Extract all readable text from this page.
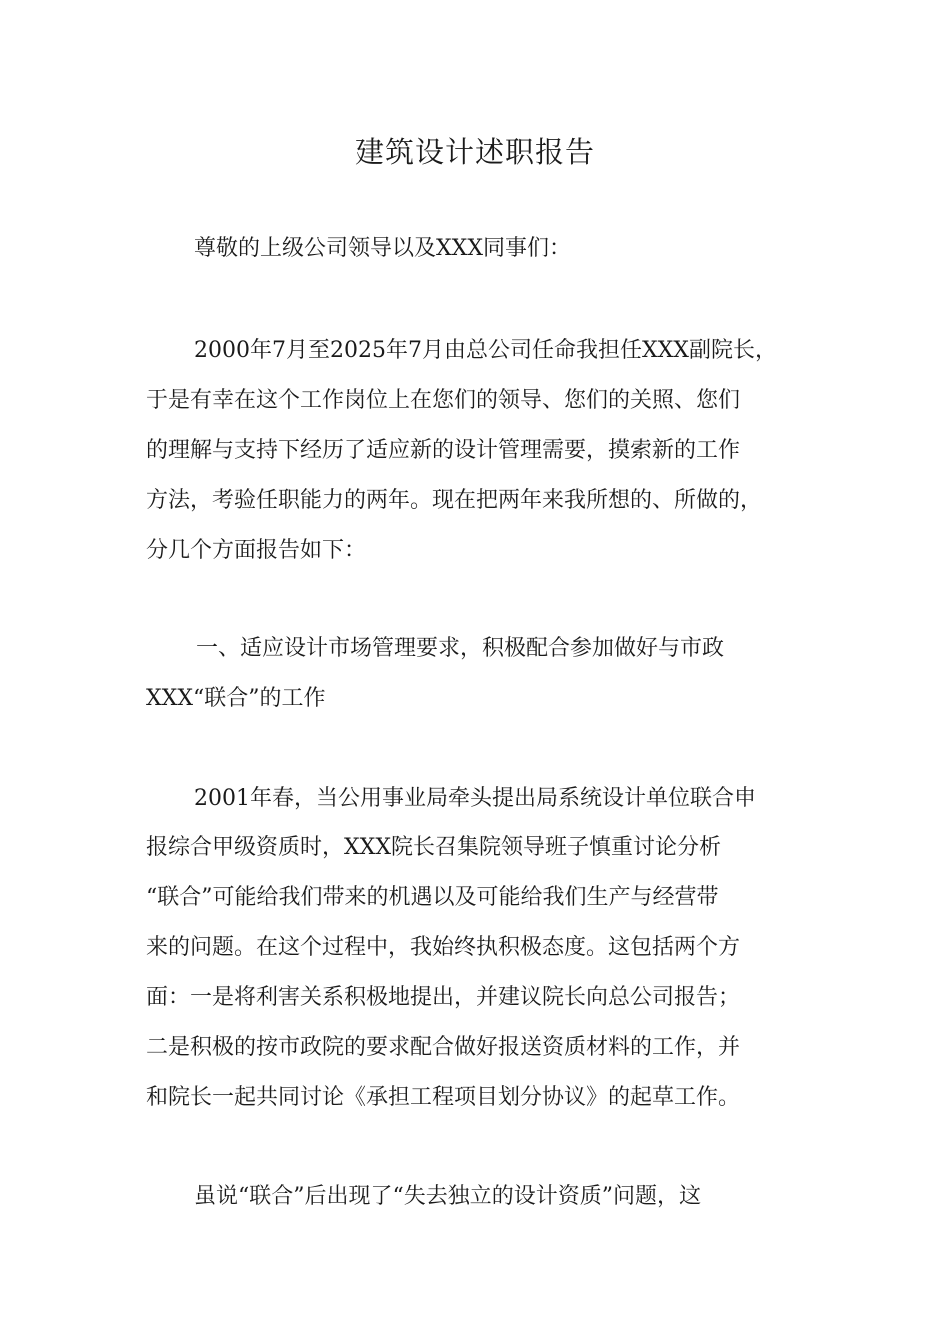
建筑设计述职报告
尊敬的上级公司领导以及XXX同事们：
2000年7月至2025年7月由总公司任命我担任XXX副院长，
于是有幸在这个工作岗位上在您们的领导、您们的关照、您们
的理解与支持下经历了适应新的设计管理需要，摸索新的工作
方法，考验任职能力的两年。现在把两年来我所想的、所做的，
分几个方面报告如下：
一、适应设计市场管理要求，积极配合参加做好与市政
XXX“联合”的工作
2001年春，当公用事业局牵头提出局系统设计单位联合申
报综合甲级资质时，XXX院长召集院领导班子慎重讨论分析
“联合”可能给我们带来的机遇以及可能给我们生产与经营带
来的问题。在这个过程中，我始终执积极态度。这包括两个方
面：一是将利害关系积极地提出，并建议院长向总公司报告；
二是积极的按市政院的要求配合做好报送资质材料的工作，并
和院长一起共同讨论《承担工程项目划分协议》的起草工作。
虽说“联合”后出现了“失去独立的设计资质”问题，这
